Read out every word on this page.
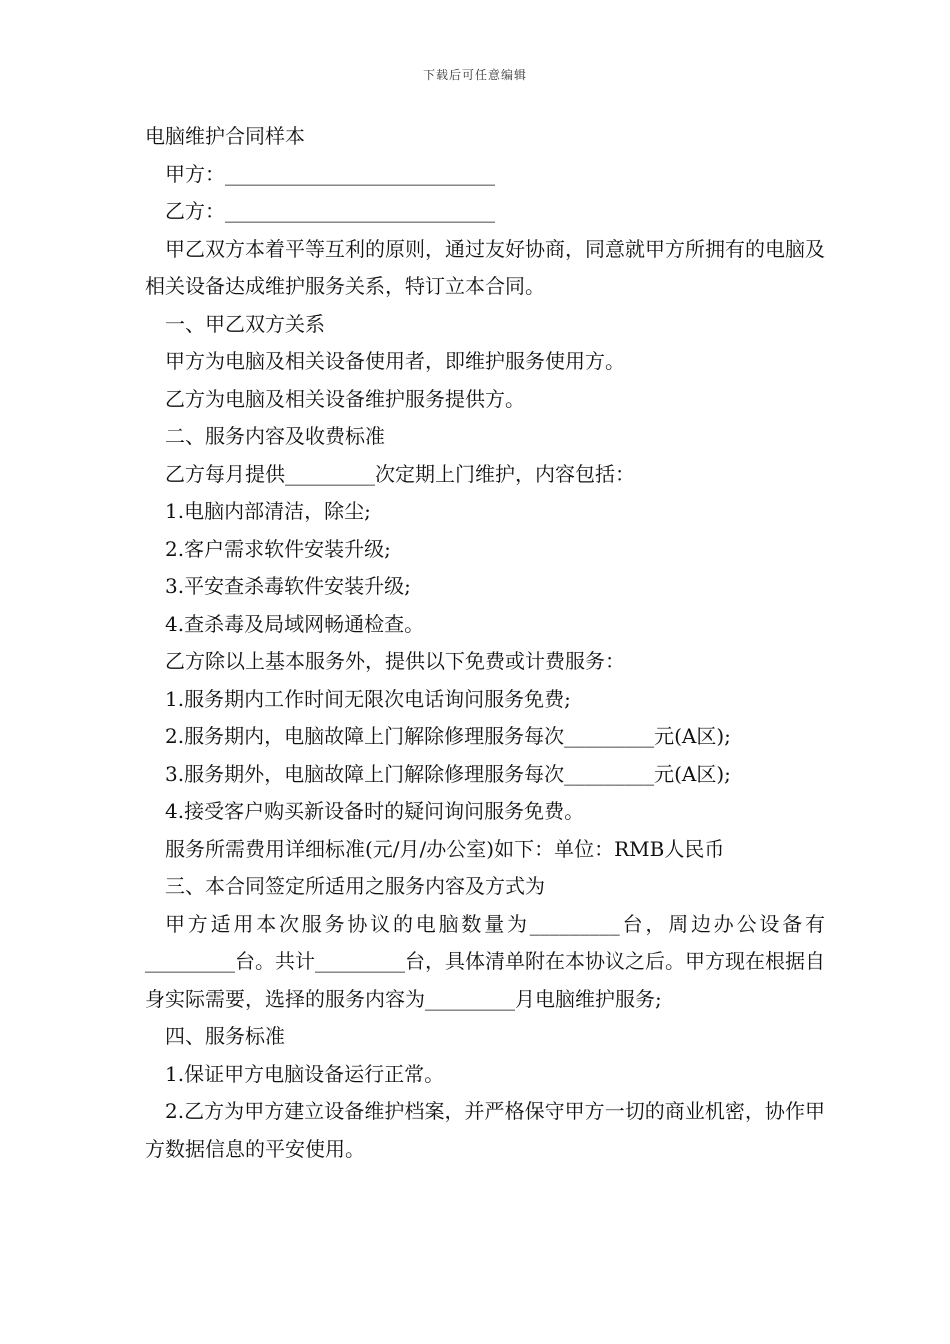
下载后可任意编辑
电脑维护合同样本
甲方：___________________________
乙方：___________________________
甲乙双方本着平等互利的原则，通过友好协商，同意就甲方所拥有的电脑及相关设备达成维护服务关系，特订立本合同。
一、甲乙双方关系
甲方为电脑及相关设备使用者，即维护服务使用方。
乙方为电脑及相关设备维护服务提供方。
二、服务内容及收费标准
乙方每月提供_________次定期上门维护，内容包括：
1.电脑内部清洁，除尘;
2.客户需求软件安装升级;
3.平安查杀毒软件安装升级;
4.查杀毒及局域网畅通检查。
乙方除以上基本服务外，提供以下免费或计费服务：
1.服务期内工作时间无限次电话询问服务免费;
2.服务期内，电脑故障上门解除修理服务每次_________元(A区);
3.服务期外，电脑故障上门解除修理服务每次_________元(A区);
4.接受客户购买新设备时的疑问询问服务免费。
服务所需费用详细标准(元/月/办公室)如下：单位：RMB人民币
三、本合同签定所适用之服务内容及方式为
甲方适用本次服务协议的电脑数量为_________台，周边办公设备有_________台。共计_________台，具体清单附在本协议之后。甲方现在根据自身实际需要，选择的服务内容为_________月电脑维护服务;
四、服务标准
1.保证甲方电脑设备运行正常。
2.乙方为甲方建立设备维护档案，并严格保守甲方一切的商业机密，协作甲方数据信息的平安使用。
